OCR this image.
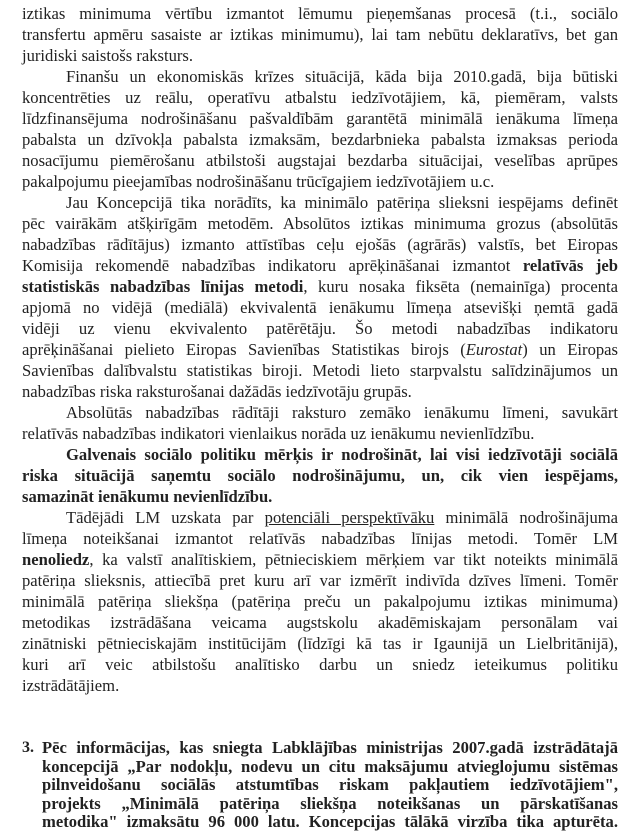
iztikas minimuma vērtību izmantot lēmumu pieņemšanas procesā (t.i., sociālo
transfertu apmēru sasaiste ar iztikas minimumu), lai tam nebūtu deklaratīvs, bet gan
juridiski saistošs raksturs.
Finanšu un ekonomiskās krīzes situācijā, kāda bija 2010.gadā, bija būtiski
koncentrēties uz reālu, operatīvu atbalstu iedzīvotājiem, kā, piemēram, valsts
līdzfinansējuma nodrošināšanu pašvaldībām garantētā minimālā ienākuma līmeņa
pabalsta un dzīvokļa pabalsta izmaksām, bezdarbnieka pabalsta izmaksas perioda
nosacījumu piemērošanu atbilstoši augstajai bezdarba situācijai, veselības aprūpes
pakalpojumu pieejamības nodrošināšanu trūcīgajiem iedzīvotājiem u.c.
Jau Koncepcijā tika norādīts, ka minimālo patēriņa slieksni iespējams definēt
pēc vairākām atšķirīgām metodēm. Absolūtos iztikas minimuma grozus (absolūtās
nabadzības rādītājus) izmanto attīstības ceļu ejošās (agrārās) valstīs, bet Eiropas
Komisija rekomendē nabadzības indikatoru aprēķināšanai izmantot relatīvās jeb
statistiskās nabadzības līnijas metodi, kuru nosaka fiksēta (nemainīga) procenta
apjomā no vidējā (mediālā) ekvivalentā ienākumu līmeņa atsevišķi ņemtā gadā
vidēji uz vienu ekvivalento patērētāju. Šo metodi nabadzības indikatoru
aprēķināšanai pielieto Eiropas Savienības Statistikas birojs (Eurostat) un Eiropas
Savienības dalībvalstu statistikas biroji. Metodi lieto starpvalstu salīdzinājumos un
nabadzības riska raksturošanai dažādās iedzīvotāju grupās.
Absolūtās nabadzības rādītāji raksturo zemāko ienākumu līmeni, savukārt
relatīvās nabadzības indikatori vienlaikus norāda uz ienākumu nevienlīdzību.
Galvenais sociālo politiku mērķis ir nodrošināt, lai visi iedzīvotāji sociālā
riska situācijā saņemtu sociālo nodrošinājumu, un, cik vien iespējams,
samazināt ienākumu nevienlīdzību.
Tādējādi LM uzskata par potenciāli perspektīvāku minimālā nodrošinājuma
līmeņa noteikšanai izmantot relatīvās nabadzības līnijas metodi. Tomēr LM
nenoliedz, ka valstī analītiskiem, pētnieciskiem mērķiem var tikt noteikts minimālā
patēriņa slieksnis, attiecībā pret kuru arī var izmērīt indivīda dzīves līmeni. Tomēr
minimālā patēriņa sliekšņa (patēriņa preču un pakalpojumu iztikas minimuma)
metodikas izstrādāšana veicama augstskolu akadēmiskajam personālam vai
zinātniski pētnieciskajām institūcijām (līdzīgi kā tas ir Igaunijā un Lielbritānijā),
kuri arī veic atbilstošu analītisko darbu un sniedz ieteikumus politiku
izstrādātājiem.
3. Pēc informācijas, kas sniegta Labklājības ministrijas 2007.gadā izstrādātajā
koncepcijā „Par nodokļu, nodevu un citu maksājumu atvieglojumu sistēmas
pilnveidošanu sociālās atstumtības riskam pakļautiem iedzīvotājiem",
projekts „Minimālā patēriņa sliekšņa noteikšanas un pārskatīšanas
metodika" izmaksātu 96 000 latu. Koncepcijas tālākā virzība tika apturēta.
